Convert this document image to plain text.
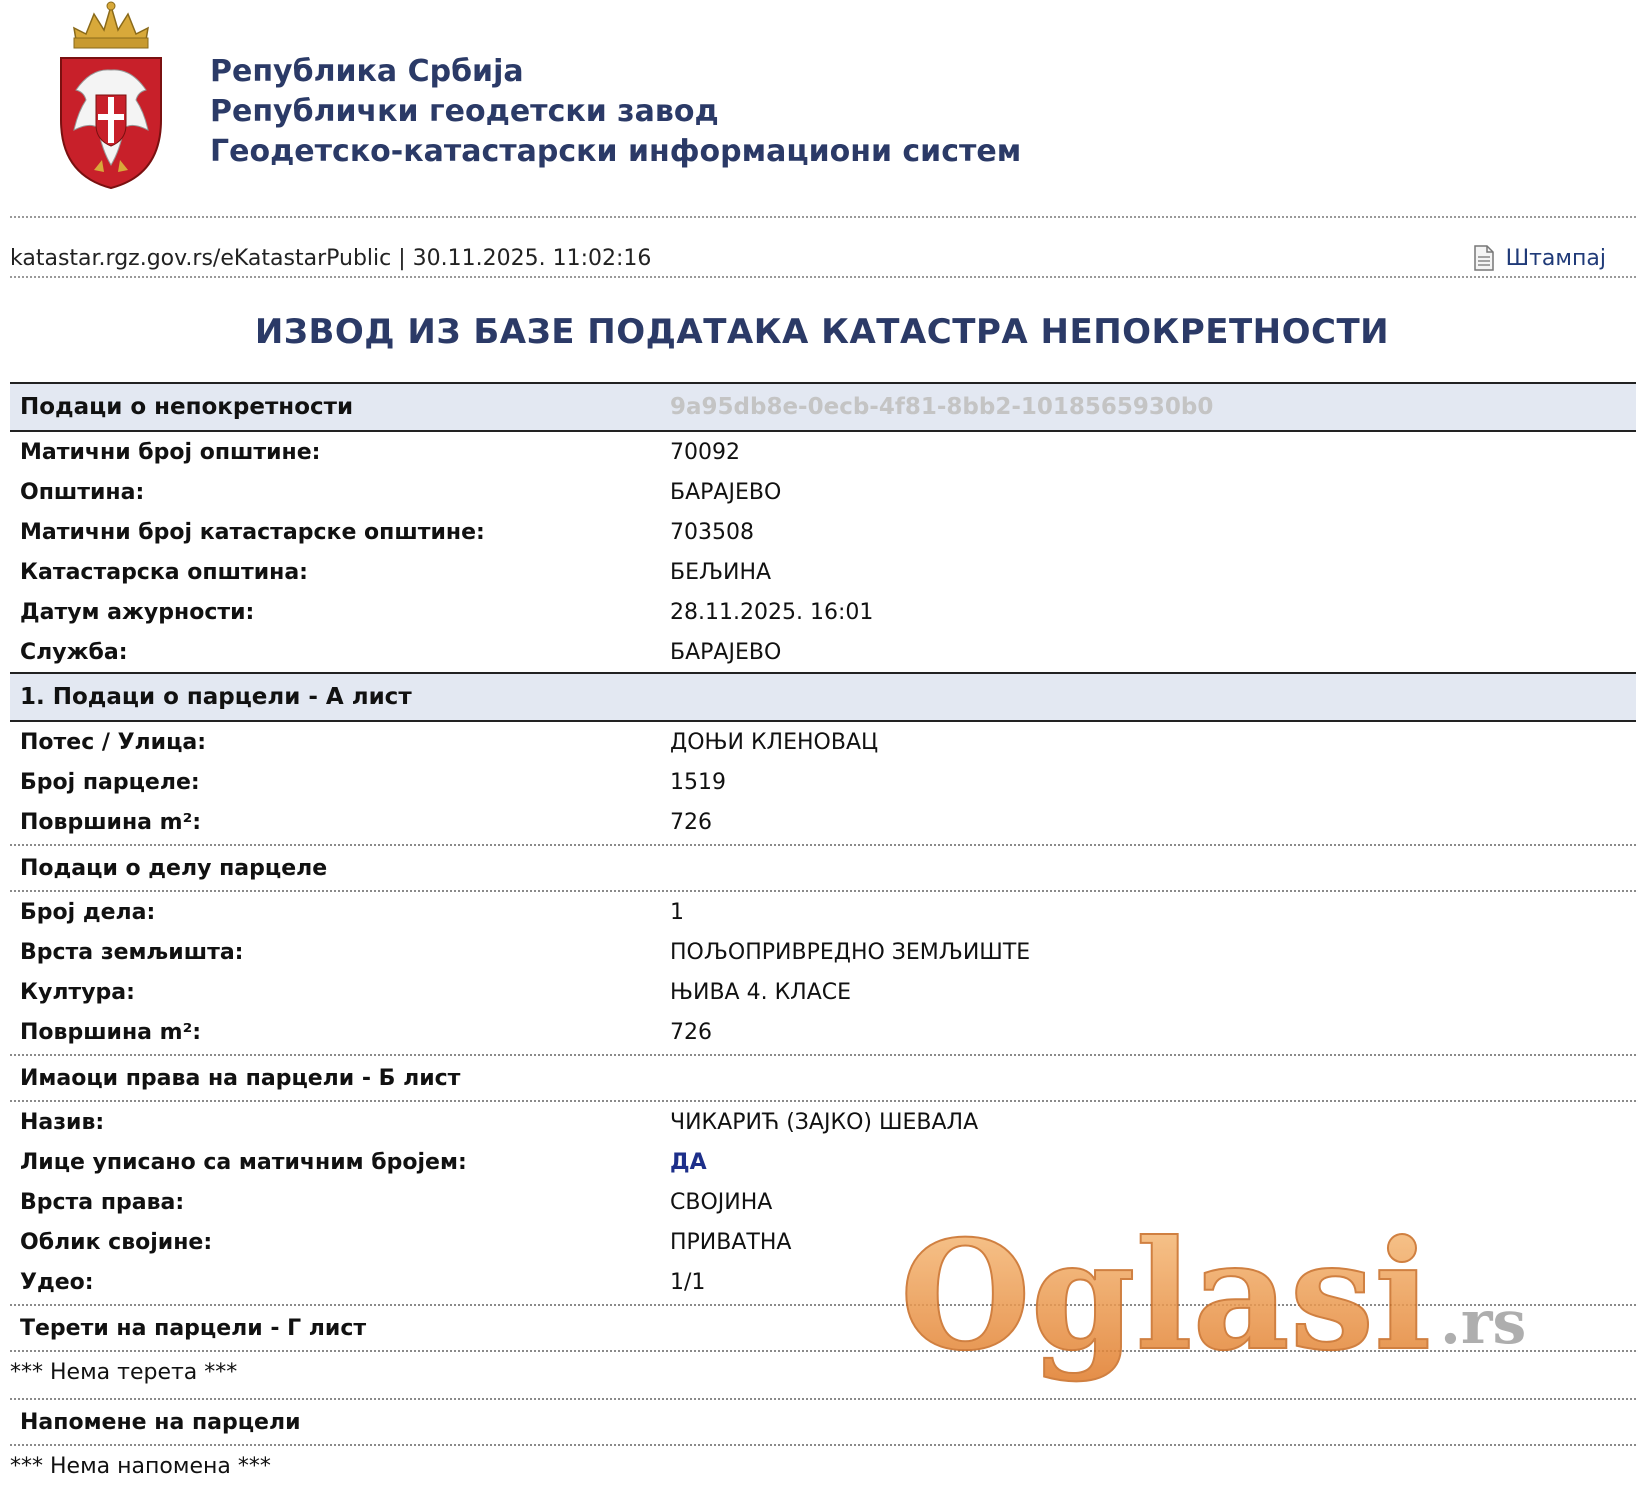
Република Србија
Републички геодетски завод
Геодетско-катастарски информациони систем
katastar.rgz.gov.rs/eKatastarPublic | 30.11.2025. 11:02:16	Штампај
ИЗВОД ИЗ БАЗЕ ПОДАТАКА КАТАСТРА НЕПОКРЕТНОСТИ
Подаци о непокретности	9a95db8e-0ecb-4f81-8bb2-1018565930b0
Матични број општине:	70092
Општина:	БАРАЈЕВО
Матични број катастарске општине:	703508
Катастарска општина:	БЕЉИНА
Датум ажурности:	28.11.2025. 16:01
Служба:	БАРАЈЕВО
1. Подаци о парцели - А лист
Потес / Улица:	ДОЊИ КЛЕНОВАЦ
Број парцеле:	1519
Површина m²:	726
Подаци о делу парцеле
Број дела:	1
Врста земљишта:	ПОЉОПРИВРЕДНО ЗЕМЉИШТЕ
Култура:	ЊИВА 4. КЛАСЕ
Површина m²:	726
Имаоци права на парцели - Б лист
Назив:	ЧИКАРИЋ (ЗАЈКО) ШЕВАЛА
Лице уписано са матичним бројем:	ДА
Врста права:	СВОЈИНА
Облик својине:	ПРИВАТНА
Удео:	1/1
Терети на парцели - Г лист
*** Нема терета ***
Напомене на парцели
*** Нема напомена ***
Oglasi .rs
